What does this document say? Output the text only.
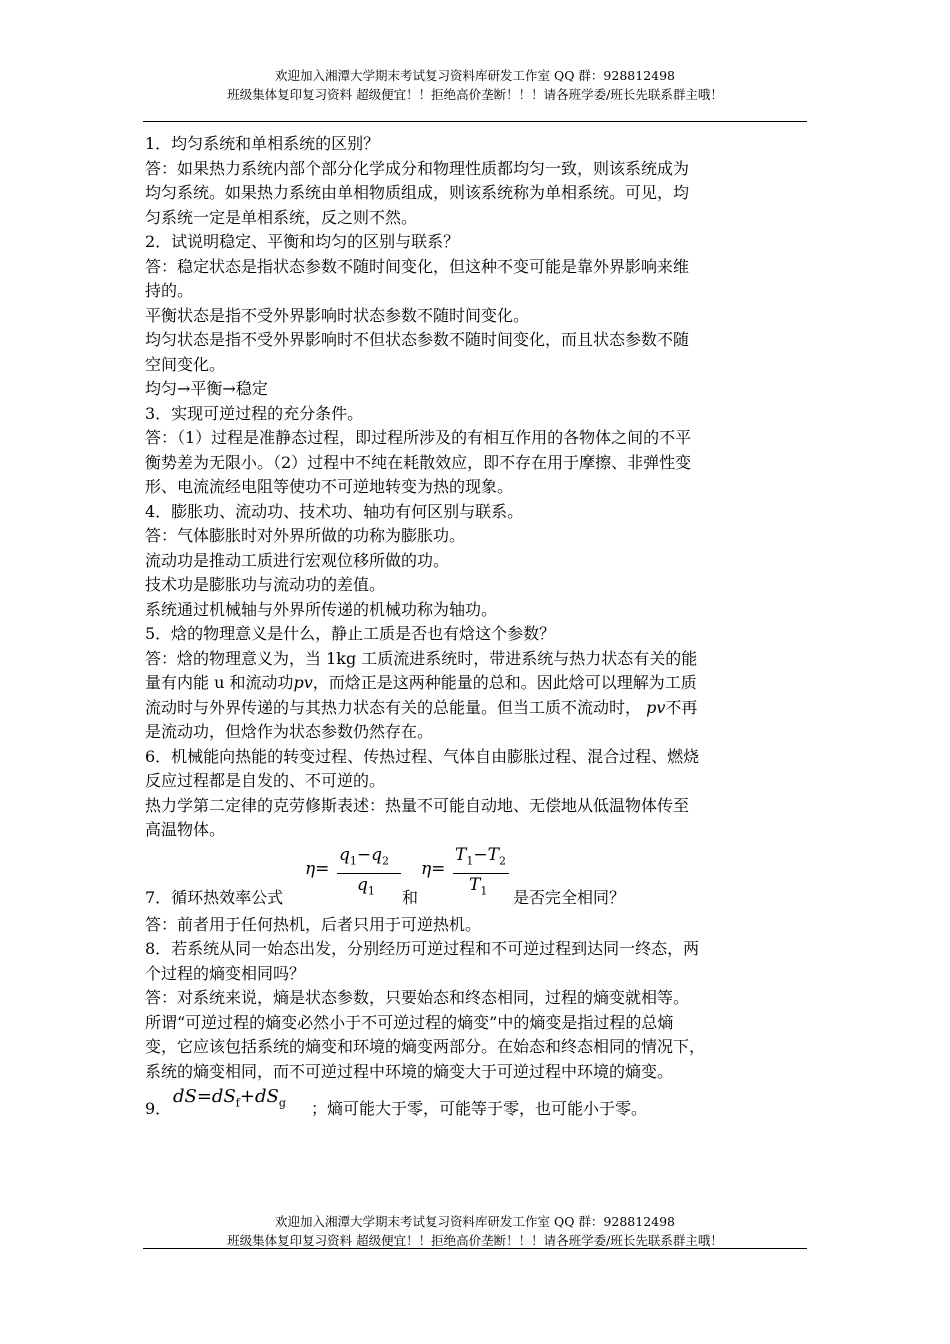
欢迎加入湘潭大学期末考试复习资料库研发工作室 QQ 群：928812498
班级集体复印复习资料 超级便宜！！拒绝高价垄断！！！请各班学委/班长先联系群主哦！

1．均匀系统和单相系统的区别？

答：如果热力系统内部个部分化学成分和物理性质都均匀一致，则该系统成为

均匀系统。如果热力系统由单相物质组成，则该系统称为单相系统。可见，均

匀系统一定是单相系统，反之则不然。

2．试说明稳定、平衡和均匀的区别与联系？

答：稳定状态是指状态参数不随时间变化，但这种不变可能是靠外界影响来维

持的。

平衡状态是指不受外界影响时状态参数不随时间变化。

均匀状态是指不受外界影响时不但状态参数不随时间变化，而且状态参数不随

空间变化。

均匀→平衡→稳定

3．实现可逆过程的充分条件。

答：（1）过程是准静态过程，即过程所涉及的有相互作用的各物体之间的不平

衡势差为无限小。（2）过程中不纯在耗散效应，即不存在用于摩擦、非弹性变

形、电流流经电阻等使功不可逆地转变为热的现象。

4．膨胀功、流动功、技术功、轴功有何区别与联系。

答：气体膨胀时对外界所做的功称为膨胀功。

流动功是推动工质进行宏观位移所做的功。

技术功是膨胀功与流动功的差值。

系统通过机械轴与外界所传递的机械功称为轴功。

5．焓的物理意义是什么，静止工质是否也有焓这个参数？

答：焓的物理意义为，当 1kg 工质流进系统时，带进系统与热力状态有关的能

量有内能 u 和流动功pv，而焓正是这两种能量的总和。因此焓可以理解为工质

流动时与外界传递的与其热力状态有关的总能量。但当工质不流动时， pv不再

是流动功，但焓作为状态参数仍然存在。

6．机械能向热能的转变过程、传热过程、气体自由膨胀过程、混合过程、燃烧

反应过程都是自发的、不可逆的。

热力学第二定律的克劳修斯表述：热量不可能自动地、无偿地从低温物体传至

高温物体。

7．循环热效率公式
η=
$q_1-q_2$
$q_1$ 和
η=
$T_1-T_2$
$T_1$ 是否完全相同？

答：前者用于任何热机，后者只用于可逆热机。

8．若系统从同一始态出发，分别经历可逆过程和不可逆过程到达同一终态，两

个过程的熵变相同吗？

答：对系统来说，熵是状态参数，只要始态和终态相同，过程的熵变就相等。

所谓“可逆过程的熵变必然小于不可逆过程的熵变”中的熵变是指过程的总熵

变，它应该包括系统的熵变和环境的熵变两部分。在始态和终态相同的情况下，

系统的熵变相同，而不可逆过程中环境的熵变大于可逆过程中环境的熵变。

9．
$dS=dS_f+dS_g$ ；熵可能大于零，可能等于零，也可能小于零。
欢迎加入湘潭大学期末考试复习资料库研发工作室 QQ 群：928812498
班级集体复印复习资料 超级便宜！！拒绝高价垄断！！！请各班学委/班长先联系群主哦！
